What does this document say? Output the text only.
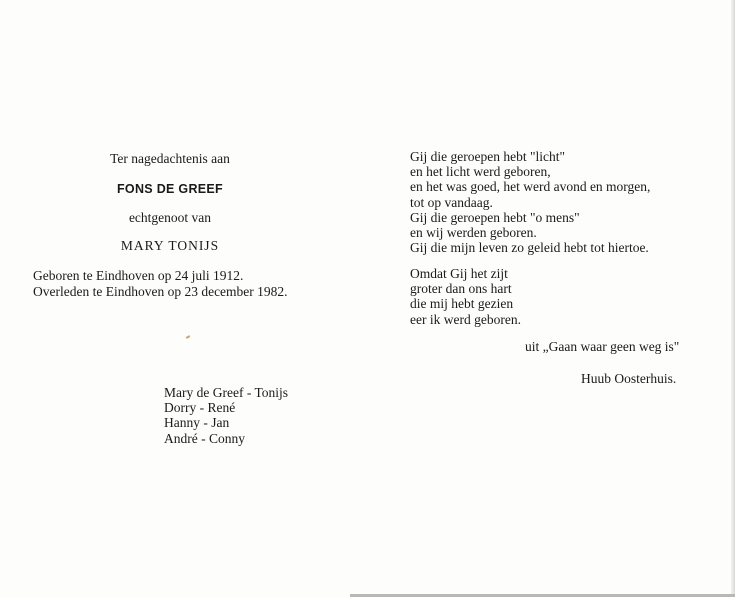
Ter nagedachtenis aan
FONS DE GREEF
echtgenoot van
MARY TONIJS
Geboren te Eindhoven op 24 juli 1912.
Overleden te Eindhoven op 23 december 1982.
Mary de Greef - Tonijs
Dorry - René
Hanny - Jan
André - Conny
Gij die geroepen hebt "licht"
en het licht werd geboren,
en het was goed, het werd avond en morgen,
tot op vandaag.
Gij die geroepen hebt "o mens"
en wij werden geboren.
Gij die mijn leven zo geleid hebt tot hiertoe.
Omdat Gij het zijt
groter dan ons hart
die mij hebt gezien
eer ik werd geboren.
uit „Gaan waar geen weg is"
Huub Oosterhuis.
